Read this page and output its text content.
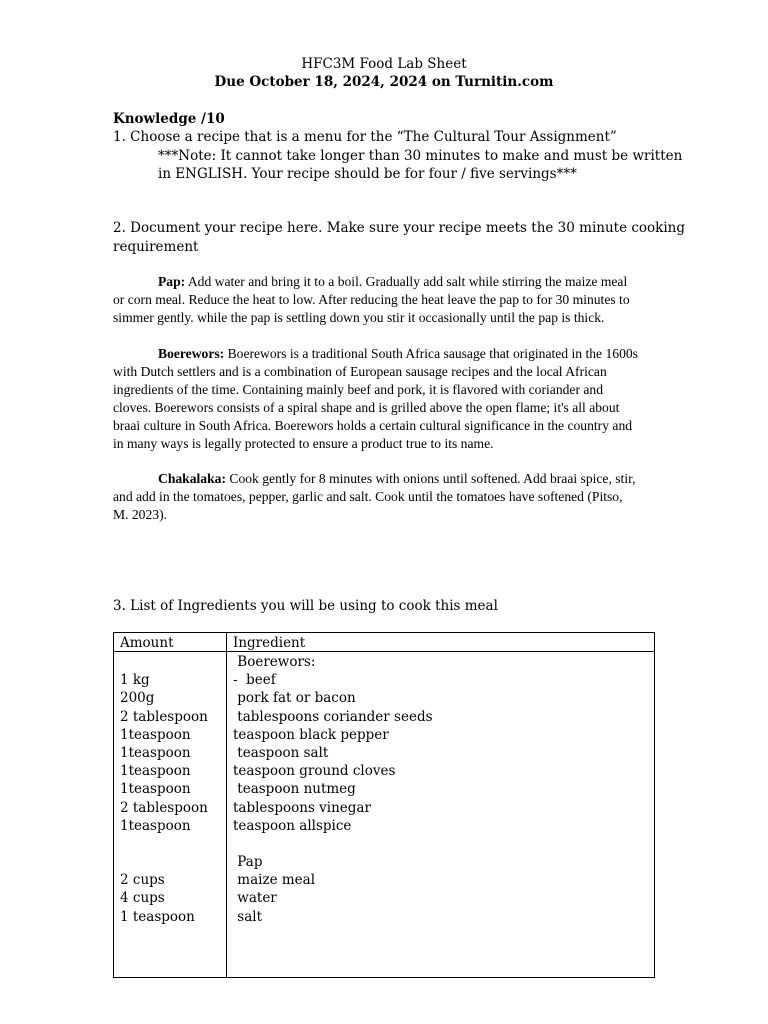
HFC3M Food Lab Sheet
Due October 18, 2024, 2024 on Turnitin.com
Knowledge /10
1. Choose a recipe that is a menu for the “The Cultural Tour Assignment”
***Note: It cannot take longer than 30 minutes to make and must be written
in ENGLISH. Your recipe should be for four / five servings***
2. Document your recipe here. Make sure your recipe meets the 30 minute cooking
requirement
Pap: Add water and bring it to a boil. Gradually add salt while stirring the maize meal
or corn meal. Reduce the heat to low. After reducing the heat leave the pap to for 30 minutes to
simmer gently. while the pap is settling down you stir it occasionally until the pap is thick.
Boerewors: Boerewors is a traditional South Africa sausage that originated in the 1600s
with Dutch settlers and is a combination of European sausage recipes and the local African
ingredients of the time. Containing mainly beef and pork, it is flavored with coriander and
cloves. Boerewors consists of a spiral shape and is grilled above the open flame; it's all about
braai culture in South Africa. Boerewors holds a certain cultural significance in the country and
in many ways is legally protected to ensure a product true to its name.
Chakalaka: Cook gently for 8 minutes with onions until softened. Add braai spice, stir,
and add in the tomatoes, pepper, garlic and salt. Cook until the tomatoes have softened (Pitso,
M. 2023).
3. List of Ingredients you will be using to cook this meal
Amount	Ingredient
1 kg
200g
2 tablespoon
1teaspoon
1teaspoon
1teaspoon
1teaspoon
2 tablespoon
1teaspoon
2 cups
4 cups
1 teaspoon
Boerewors:
-  beef
pork fat or bacon
tablespoons coriander seeds
teaspoon black pepper
teaspoon salt
teaspoon ground cloves
teaspoon nutmeg
tablespoons vinegar
teaspoon allspice
Pap
maize meal
water
salt
